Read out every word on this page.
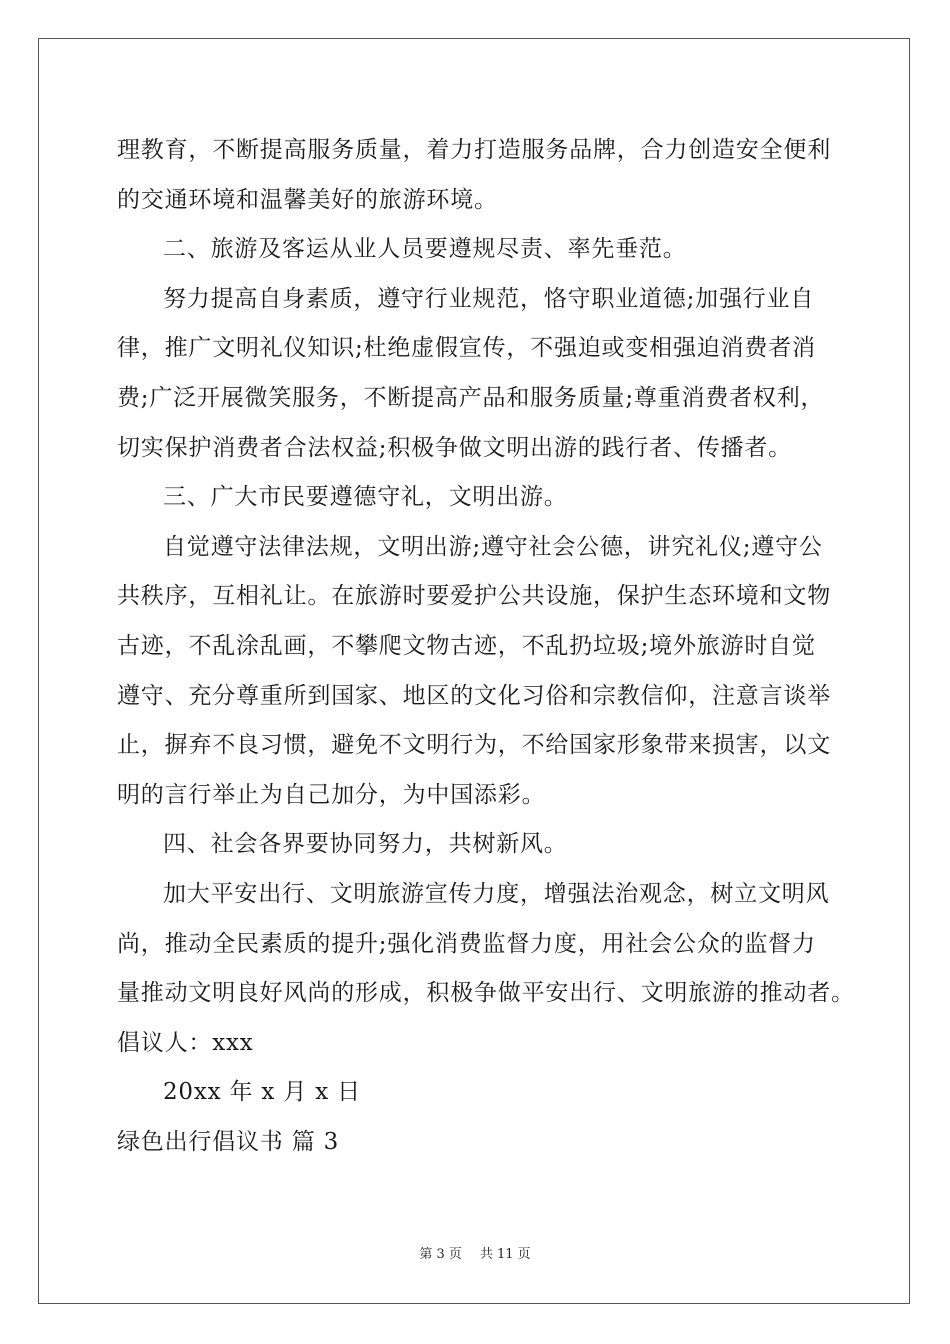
理教育，不断提高服务质量，着力打造服务品牌，合力创造安全便利
的交通环境和温馨美好的旅游环境。
二、旅游及客运从业人员要遵规尽责、率先垂范。
努力提高自身素质，遵守行业规范，恪守职业道德;加强行业自
律，推广文明礼仪知识;杜绝虚假宣传，不强迫或变相强迫消费者消
费;广泛开展微笑服务，不断提高产品和服务质量;尊重消费者权利，
切实保护消费者合法权益;积极争做文明出游的践行者、传播者。
三、广大市民要遵德守礼，文明出游。
自觉遵守法律法规，文明出游;遵守社会公德，讲究礼仪;遵守公
共秩序，互相礼让。在旅游时要爱护公共设施，保护生态环境和文物
古迹，不乱涂乱画，不攀爬文物古迹，不乱扔垃圾;境外旅游时自觉
遵守、充分尊重所到国家、地区的文化习俗和宗教信仰，注意言谈举
止，摒弃不良习惯，避免不文明行为，不给国家形象带来损害，以文
明的言行举止为自己加分，为中国添彩。
四、社会各界要协同努力，共树新风。
加大平安出行、文明旅游宣传力度，增强法治观念，树立文明风
尚，推动全民素质的提升;强化消费监督力度，用社会公众的监督力
量推动文明良好风尚的形成，积极争做平安出行、文明旅游的推动者。
倡议人：xxx
20xx 年 x 月 x 日
绿色出行倡议书 篇 3
第 3 页 共 11 页
